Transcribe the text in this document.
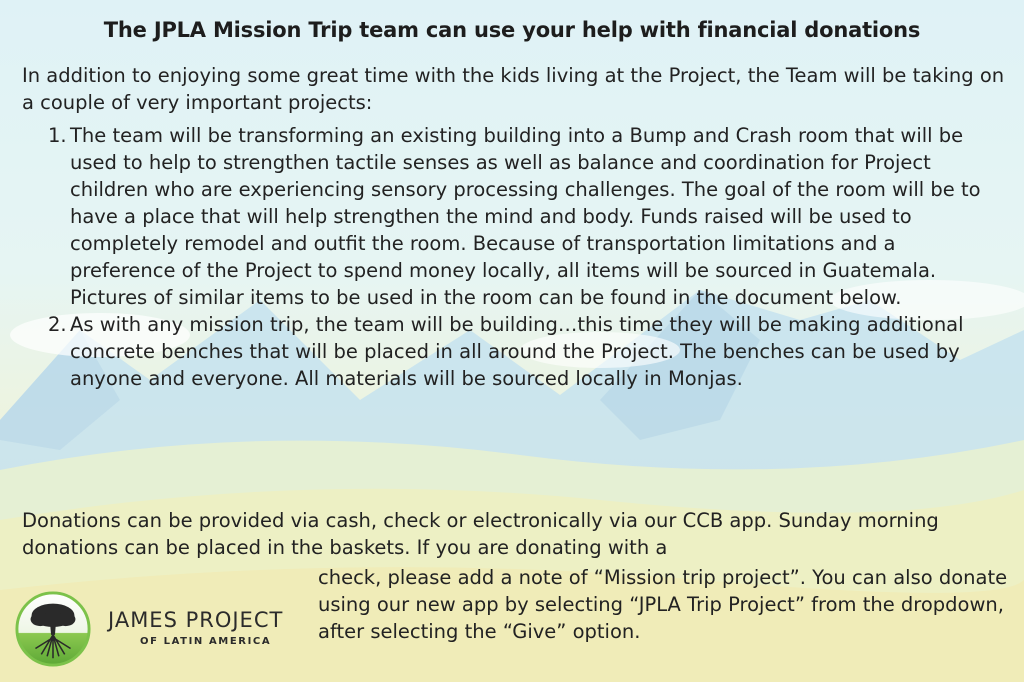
The JPLA Mission Trip team can use your help with financial donations

In addition to enjoying some great time with the kids living at the Project, the Team will be taking on a couple of very important projects:

1. The team will be transforming an existing building into a Bump and Crash room that will be used to help to strengthen tactile senses as well as balance and coordination for Project children who are experiencing sensory processing challenges. The goal of the room will be to have a place that will help strengthen the mind and body. Funds raised will be used to completely remodel and outfit the room. Because of transportation limitations and a preference of the Project to spend money locally, all items will be sourced in Guatemala. Pictures of similar items to be used in the room can be found in the document below.
2. As with any mission trip, the team will be building…this time they will be making additional concrete benches that will be placed in all around the Project. The benches can be used by anyone and everyone. All materials will be sourced locally in Monjas.

Donations can be provided via cash, check or electronically via our CCB app. Sunday morning donations can be placed in the baskets. If you are donating with a

check, please add a note of “Mission trip project”. You can also donate using our new app by selecting “JPLA Trip Project” from the dropdown, after selecting the “Give” option.

JAMES PROJECT
OF LATIN AMERICA
